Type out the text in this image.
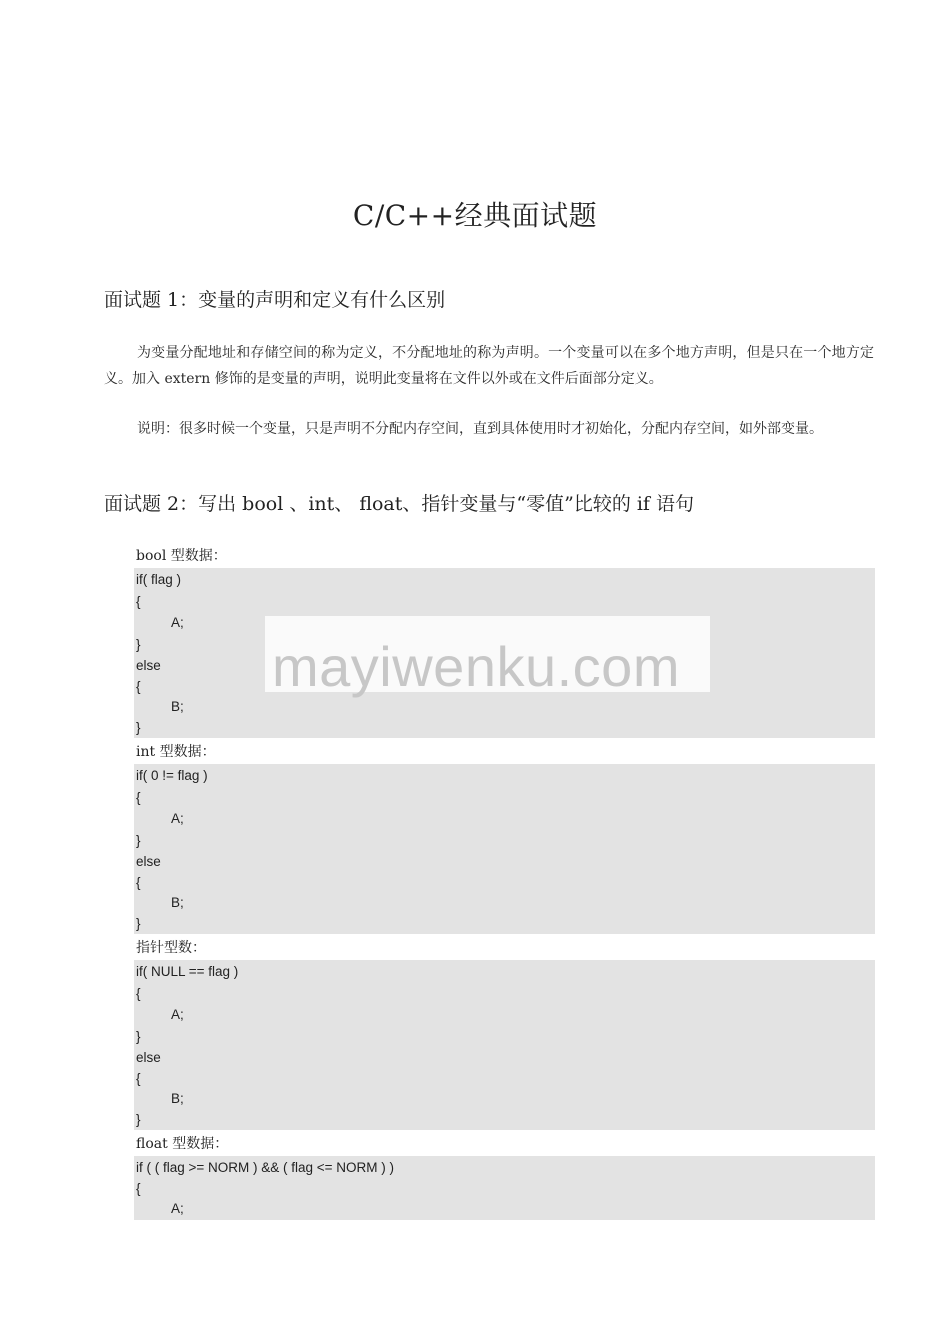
C/C++经典面试题
面试题 1：变量的声明和定义有什么区别
为变量分配地址和存储空间的称为定义，不分配地址的称为声明。一个变量可以在多个地方声明，但是只在一个地方定义。加入 extern 修饰的是变量的声明，说明此变量将在文件以外或在文件后面部分定义。
说明：很多时候一个变量，只是声明不分配内存空间，直到具体使用时才初始化，分配内存空间，如外部变量。
面试题 2：写出 bool 、int、 float、指针变量与“零值”比较的 if 语句
bool 型数据：
if( flag )
{
A;
}
else
{
B;
}
int 型数据：
if( 0 != flag )
{
A;
}
else
{
B;
}
指针型数：
if( NULL == flag )
{
A;
}
else
{
B;
}
float 型数据：
if ( ( flag >= NORM ) && ( flag <= NORM ) )
{
A;
mayiwenku.com
